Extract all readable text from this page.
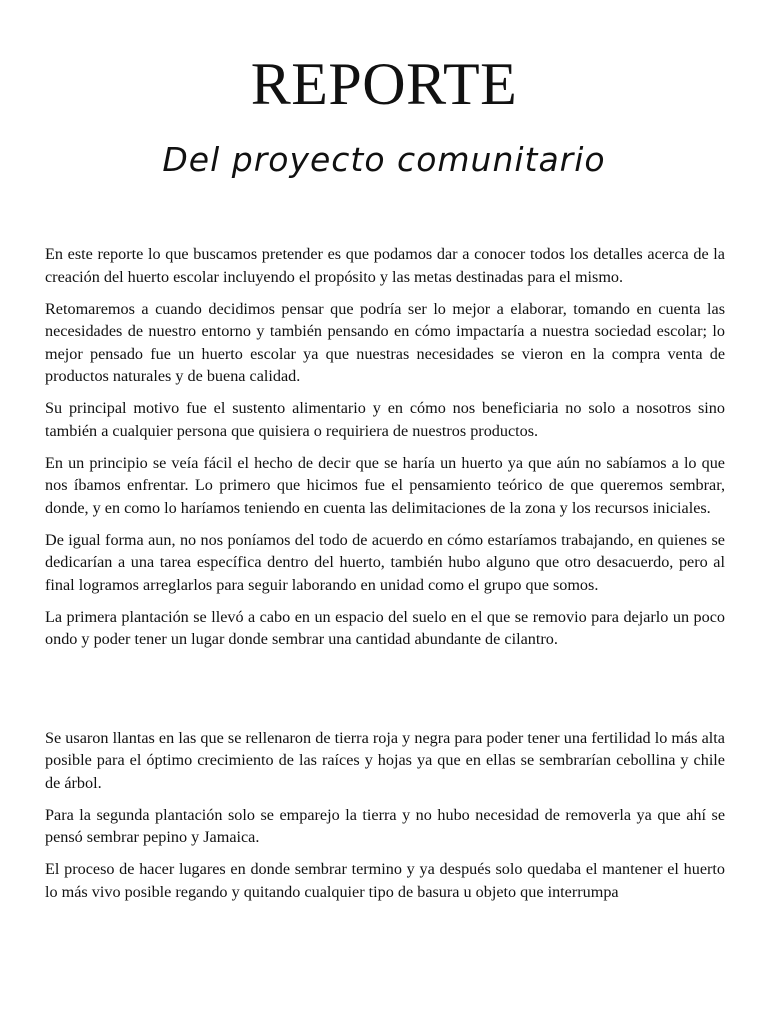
REPORTE
Del proyecto comunitario

En este reporte lo que buscamos pretender es que podamos dar a conocer todos los detalles acerca de la creación del huerto escolar incluyendo el propósito y las metas destinadas para el mismo.

Retomaremos a cuando decidimos pensar que podría ser lo mejor a elaborar, tomando en cuenta las necesidades de nuestro entorno y también pensando en cómo impactaría a nuestra sociedad escolar; lo mejor pensado fue un huerto escolar ya que nuestras necesidades se vieron en la compra venta de productos naturales y de buena calidad.

Su principal motivo fue el sustento alimentario y en cómo nos beneficiaria no solo a nosotros sino también a cualquier persona que quisiera o requiriera de nuestros productos.

En un principio se veía fácil el hecho de decir que se haría un huerto ya que aún no sabíamos a lo que nos íbamos enfrentar. Lo primero que hicimos fue el pensamiento teórico de que queremos sembrar, donde, y en como lo haríamos teniendo en cuenta las delimitaciones de la zona y los recursos iniciales.

De igual forma aun, no nos poníamos del todo de acuerdo en cómo estaríamos trabajando, en quienes se dedicarían a una tarea específica dentro del huerto, también hubo alguno que otro desacuerdo, pero al final logramos arreglarlos para seguir laborando en unidad como el grupo que somos.

La primera plantación se llevó a cabo en un espacio del suelo en el que se removio para dejarlo un poco ondo y poder tener un lugar donde sembrar una cantidad abundante de cilantro.

Se usaron llantas en las que se rellenaron de tierra roja y negra para poder tener una fertilidad lo más alta posible para el óptimo crecimiento de las raíces y hojas ya que en ellas se sembrarían cebollina y chile de árbol.

Para la segunda plantación solo se emparejo la tierra y no hubo necesidad de removerla ya que ahí se pensó sembrar pepino y Jamaica.

El proceso de hacer lugares en donde sembrar termino y ya después solo quedaba el mantener el huerto lo más vivo posible regando y quitando cualquier tipo de basura u objeto que interrumpa
